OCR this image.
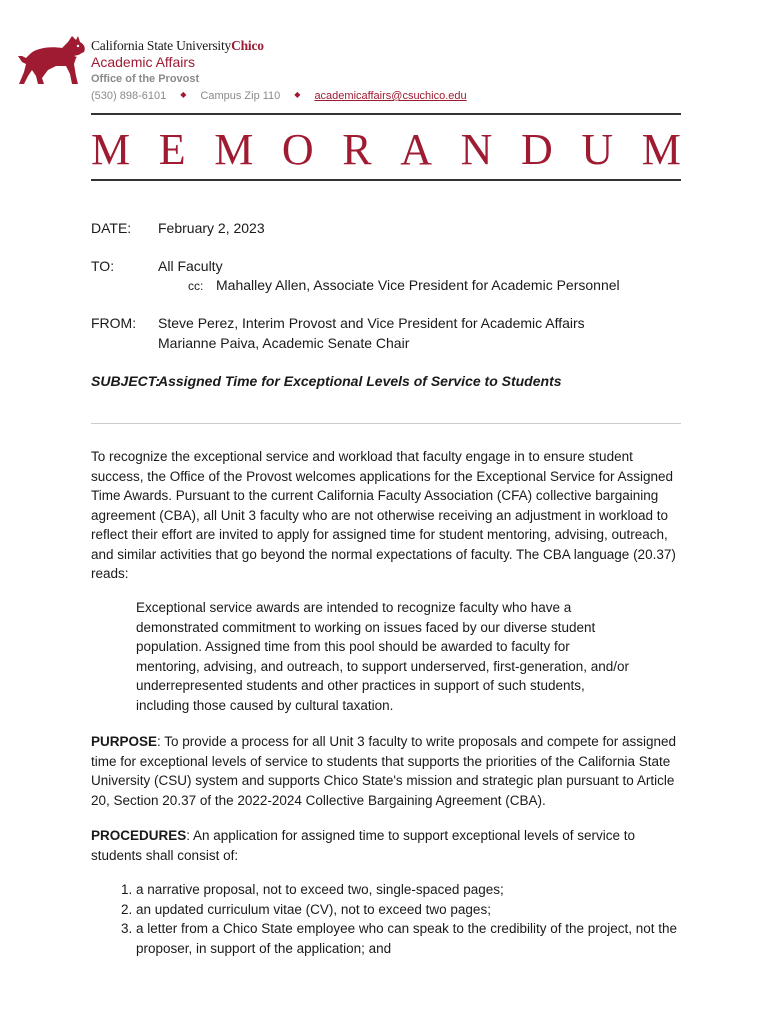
California State UniversityChico
Academic Affairs
Office of the Provost
(530) 898-6101 ◆ Campus Zip 110 ◆ academicaffairs@csuchico.edu
M E M O R A N D U M
DATE: February 2, 2023
TO:	All Faculty
cc: Mahalley Allen, Associate Vice President for Academic Personnel
FROM: Steve Perez, Interim Provost and Vice President for Academic Affairs
Marianne Paiva, Academic Senate Chair
SUBJECT:
Assigned Time for Exceptional Levels of Service to Students

To recognize the exceptional service and workload that faculty engage in to ensure student success, the Office of the Provost welcomes applications for the Exceptional Service for Assigned Time Awards. Pursuant to the current California Faculty Association (CFA) collective bargaining agreement (CBA), all Unit 3 faculty who are not otherwise receiving an adjustment in workload to reflect their effort are invited to apply for assigned time for student mentoring, advising, outreach, and similar activities that go beyond the normal expectations of faculty. The CBA language (20.37) reads:

Exceptional service awards are intended to recognize faculty who have a demonstrated commitment to working on issues faced by our diverse student population. Assigned time from this pool should be awarded to faculty for mentoring, advising, and outreach, to support underserved, first-generation, and/or underrepresented students and other practices in support of such students, including those caused by cultural taxation.

PURPOSE: To provide a process for all Unit 3 faculty to write proposals and compete for assigned time for exceptional levels of service to students that supports the priorities of the California State University (CSU) system and supports Chico State's mission and strategic plan pursuant to Article 20, Section 20.37 of the 2022-2024 Collective Bargaining Agreement (CBA).

PROCEDURES: An application for assigned time to support exceptional levels of service to students shall consist of:

1. a narrative proposal, not to exceed two, single-spaced pages;
2. an updated curriculum vitae (CV), not to exceed two pages;
3. a letter from a Chico State employee who can speak to the credibility of the project, not the proposer, in support of the application; and
